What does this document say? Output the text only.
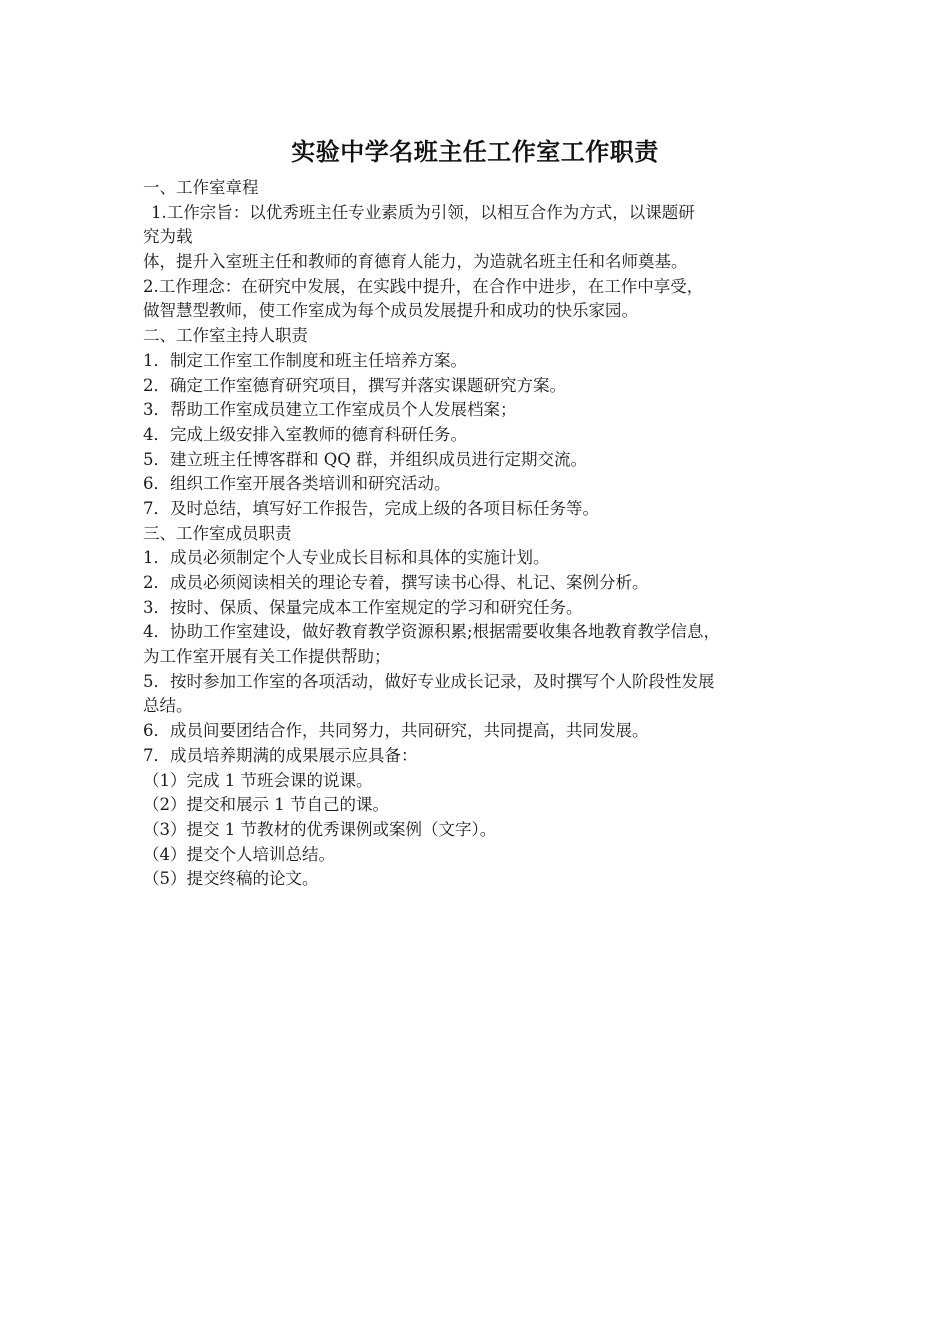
实验中学名班主任工作室工作职责
一、工作室章程
1.工作宗旨：以优秀班主任专业素质为引领，以相互合作为方式，以课题研
究为载
体，提升入室班主任和教师的育德育人能力，为造就名班主任和名师奠基。
2.工作理念：在研究中发展，在实践中提升，在合作中进步，在工作中享受，
做智慧型教师，使工作室成为每个成员发展提升和成功的快乐家园。
二、工作室主持人职责
1．制定工作室工作制度和班主任培养方案。
2．确定工作室德育研究项目，撰写并落实课题研究方案。
3．帮助工作室成员建立工作室成员个人发展档案；
4．完成上级安排入室教师的德育科研任务。
5．建立班主任博客群和 QQ 群，并组织成员进行定期交流。
6．组织工作室开展各类培训和研究活动。
7．及时总结，填写好工作报告，完成上级的各项目标任务等。
三、工作室成员职责
1．成员必须制定个人专业成长目标和具体的实施计划。
2．成员必须阅读相关的理论专着，撰写读书心得、札记、案例分析。
3．按时、保质、保量完成本工作室规定的学习和研究任务。
4．协助工作室建设，做好教育教学资源积累;根据需要收集各地教育教学信息，
为工作室开展有关工作提供帮助；
5．按时参加工作室的各项活动，做好专业成长记录，及时撰写个人阶段性发展
总结。
6．成员间要团结合作，共同努力，共同研究，共同提高，共同发展。
7．成员培养期满的成果展示应具备：
（1）完成 1 节班会课的说课。
（2）提交和展示 1 节自己的课。
（3）提交 1 节教材的优秀课例或案例（文字）。
（4）提交个人培训总结。
（5）提交终稿的论文。
